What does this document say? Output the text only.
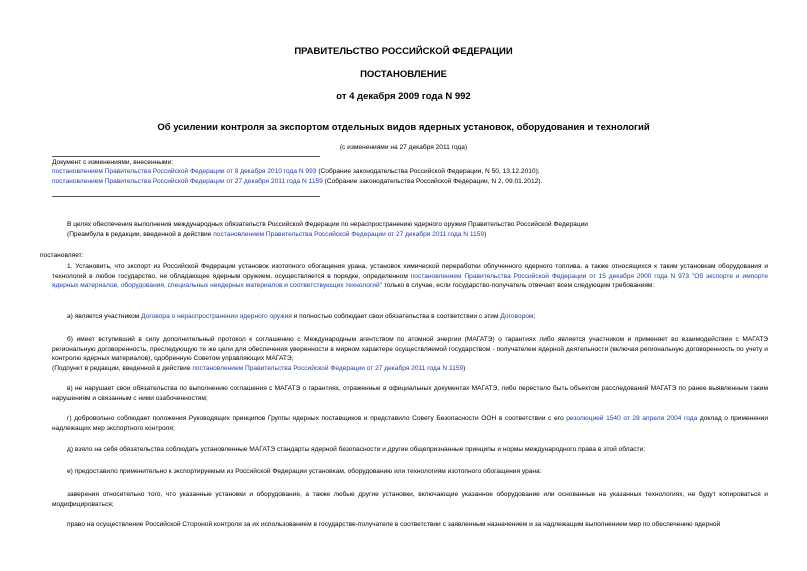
ПРАВИТЕЛЬСТВО РОССИЙСКОЙ ФЕДЕРАЦИИ
ПОСТАНОВЛЕНИЕ
от 4 декабря 2009 года N 992
Об усилении контроля за экспортом отдельных видов ядерных установок, оборудования и технологий
(с изменениями на 27 декабря 2011 года)

Документ с изменениями, внесенными:

постановлением Правительства Российской Федерации от 8 декабря 2010 года N 993 (Собрание законодательства Российской Федерации, N 50, 13.12.2010);

постановлением Правительства Российской Федерации от 27 декабря 2011 года N 1159 (Собрание законодательства Российской Федерации, N 2, 09.01.2012).

В целях обеспечения выполнения международных обязательств Российской Федерации по нераспространению ядерного оружия Правительство Российской Федерации

(Преамбула в редакции, введенной в действие постановлением Правительства Российской Федерации от 27 декабря 2011 года N 1159)

постановляет:
1. Установить, что экспорт из Российской Федерации установок изотопного обогащения урана, установок химической переработки облученного ядерного топлива, а также относящихся к таким установкам оборудования и технологий в любое государство, не обладающее ядерным оружием, осуществляется в порядке, определенном постановлением Правительства Российской Федерации от 15 декабря 2000 года N 973 "Об экспорте и импорте ядерных материалов, оборудования, специальных неядерных материалов и соответствующих технологий" только в случае, если государство-получатель отвечает всем следующим требованиям:
а) является участником Договора о нераспространении ядерного оружия и полностью соблюдает свои обязательства в соответствии с этим Договором;

б) имеет вступивший в силу дополнительный протокол к соглашению с Международным агентством по атомной энергии (МАГАТЭ) о гарантиях либо является участником и применяет во взаимодействии с МАГАТЭ региональную договоренность, преследующую те же цели для обеспечения уверенности в мирном характере осуществляемой государством - получателем ядерной деятельности (включая региональную договоренность по учету и контролю ядерных материалов), одобренную Советом управляющих МАГАТЭ;

(Подпункт в редакции, введенной в действие постановлением Правительства Российской Федерации от 27 декабря 2011 года N 1159)

в) не нарушает свои обязательства по выполнению соглашения с МАГАТЭ о гарантиях, отраженные в официальных документах МАГАТЭ, либо перестало быть объектом расследований МАГАТЭ по ранее выявленным таким нарушениям и связанным с ними озабоченностям;
г) добровольно соблюдает положения Руководящих принципов Группы ядерных поставщиков и представило Совету Безопасности ООН в соответствии с его резолюцией 1540 от 28 апреля 2004 года доклад о применении надлежащих мер экспортного контроля;
д) взяло на себя обязательства соблюдать установленные МАГАТЭ стандарты ядерной безопасности и другие общепризнанные принципы и нормы международного права в этой области;
е) предоставило применительно к экспортируемым из Российской Федерации установкам, оборудованию или технологиям изотопного обогащения урана:
заверения относительно того, что указанные установки и оборудование, а также любые другие установки, включающие указанное оборудование или основанные на указанных технологиях, не будут копироваться и модифицироваться;
право на осуществление Российской Стороной контроля за их использованием в государстве-получателе в соответствии с заявленным назначением и за надлежащим выполнением мер по обеспечению ядерной
